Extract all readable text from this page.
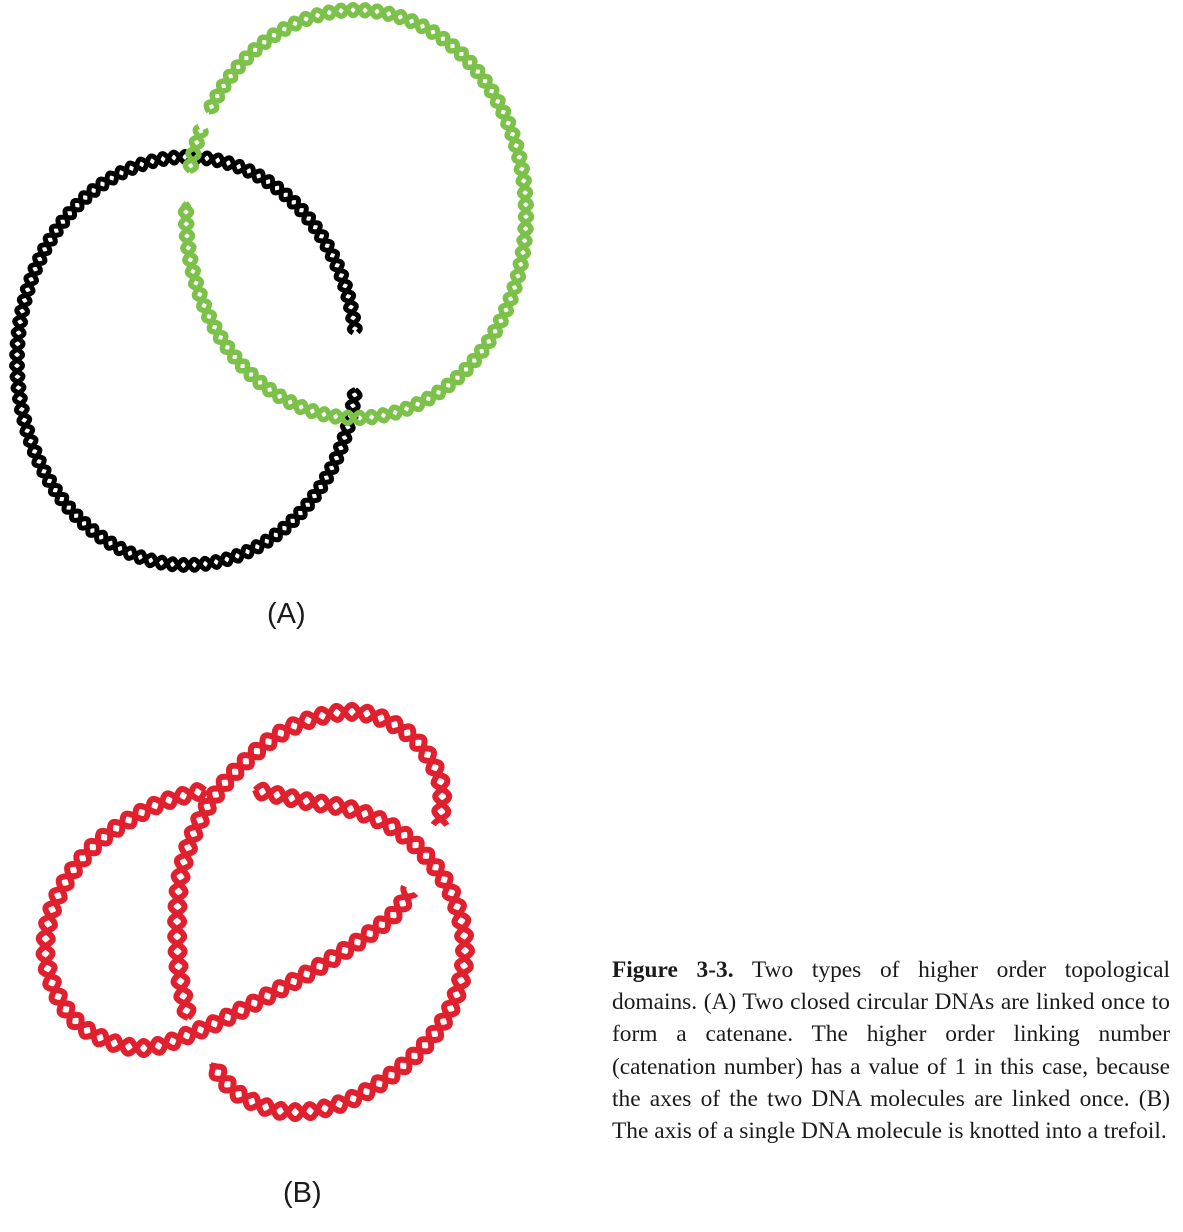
(A)
(B)
Figure 3-3. Two types of higher order topological domains. (A) Two closed circular DNAs are linked once to form a catenane. The higher order linking number (catenation number) has a value of 1 in this case, because the axes of the two DNA molecules are linked once. (B) The axis of a single DNA molecule is knotted into a trefoil.
